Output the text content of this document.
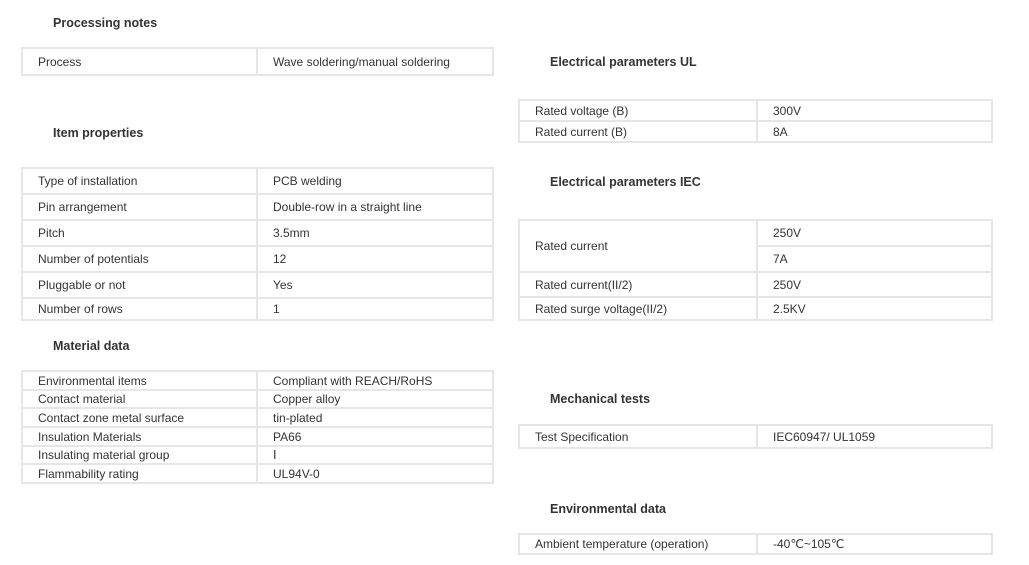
Processing notes
Process	Wave soldering/manual soldering
Item properties
Type of installation	PCB welding
Pin arrangement	Double-row in a straight line
Pitch	3.5mm
Number of potentials	12
Pluggable or not	Yes
Number of rows	1
Material data
Environmental items	Compliant with REACH/RoHS
Contact material	Copper alloy
Contact zone metal surface	tin-plated
Insulation Materials	PA66
Insulating material group	Ⅰ
Flammability rating	UL94V-0
Electrical parameters UL
Rated voltage (B)	300V
Rated current (B)	8A
Electrical parameters IEC
Rated current	250V
	7A
Rated current(II/2)	250V
Rated surge voltage(II/2)	2.5KV
Mechanical tests
Test Specification	IEC60947/ UL1059
Environmental data
Ambient temperature (operation)	-40℃~105℃
